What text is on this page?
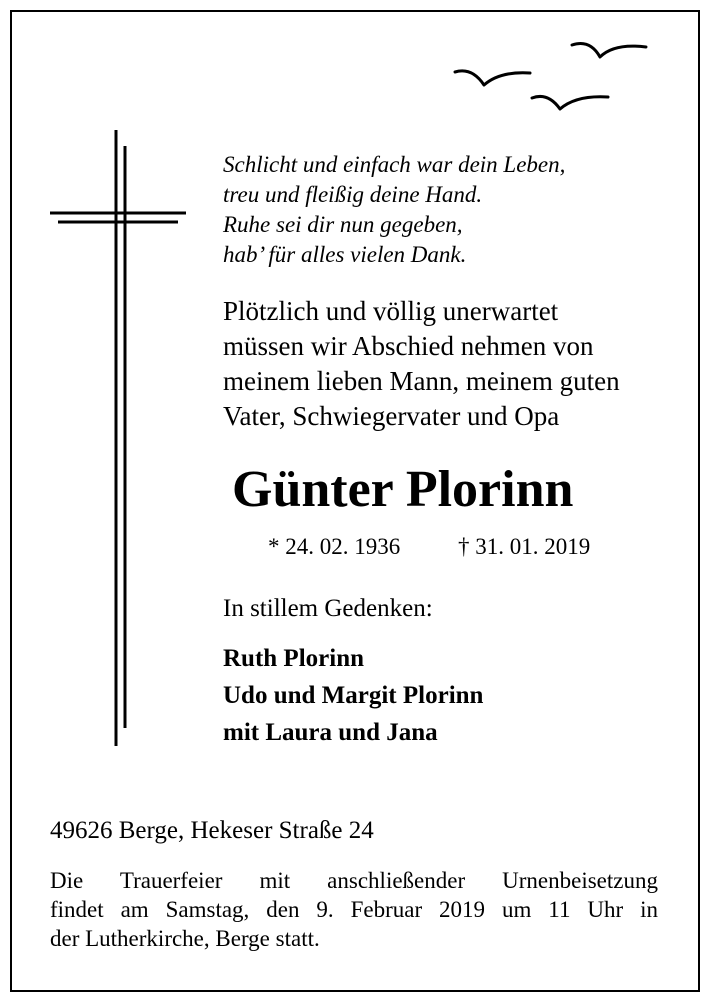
Schlicht und einfach war dein Leben,
treu und fleißig deine Hand.
Ruhe sei dir nun gegeben,
hab’ für alles vielen Dank.
Plötzlich und völlig unerwartet
müssen wir Abschied nehmen von
meinem lieben Mann, meinem guten
Vater, Schwiegervater und Opa
Günter Plorinn
* 24. 02. 1936	† 31. 01. 2019
In stillem Gedenken:
Ruth Plorinn
Udo und Margit Plorinn
mit Laura und Jana
49626 Berge, Hekeser Straße 24
Die Trauerfeier mit anschließender Urnenbeisetzung
findet am Samstag, den 9. Februar 2019 um 11 Uhr in
der Lutherkirche, Berge statt.
